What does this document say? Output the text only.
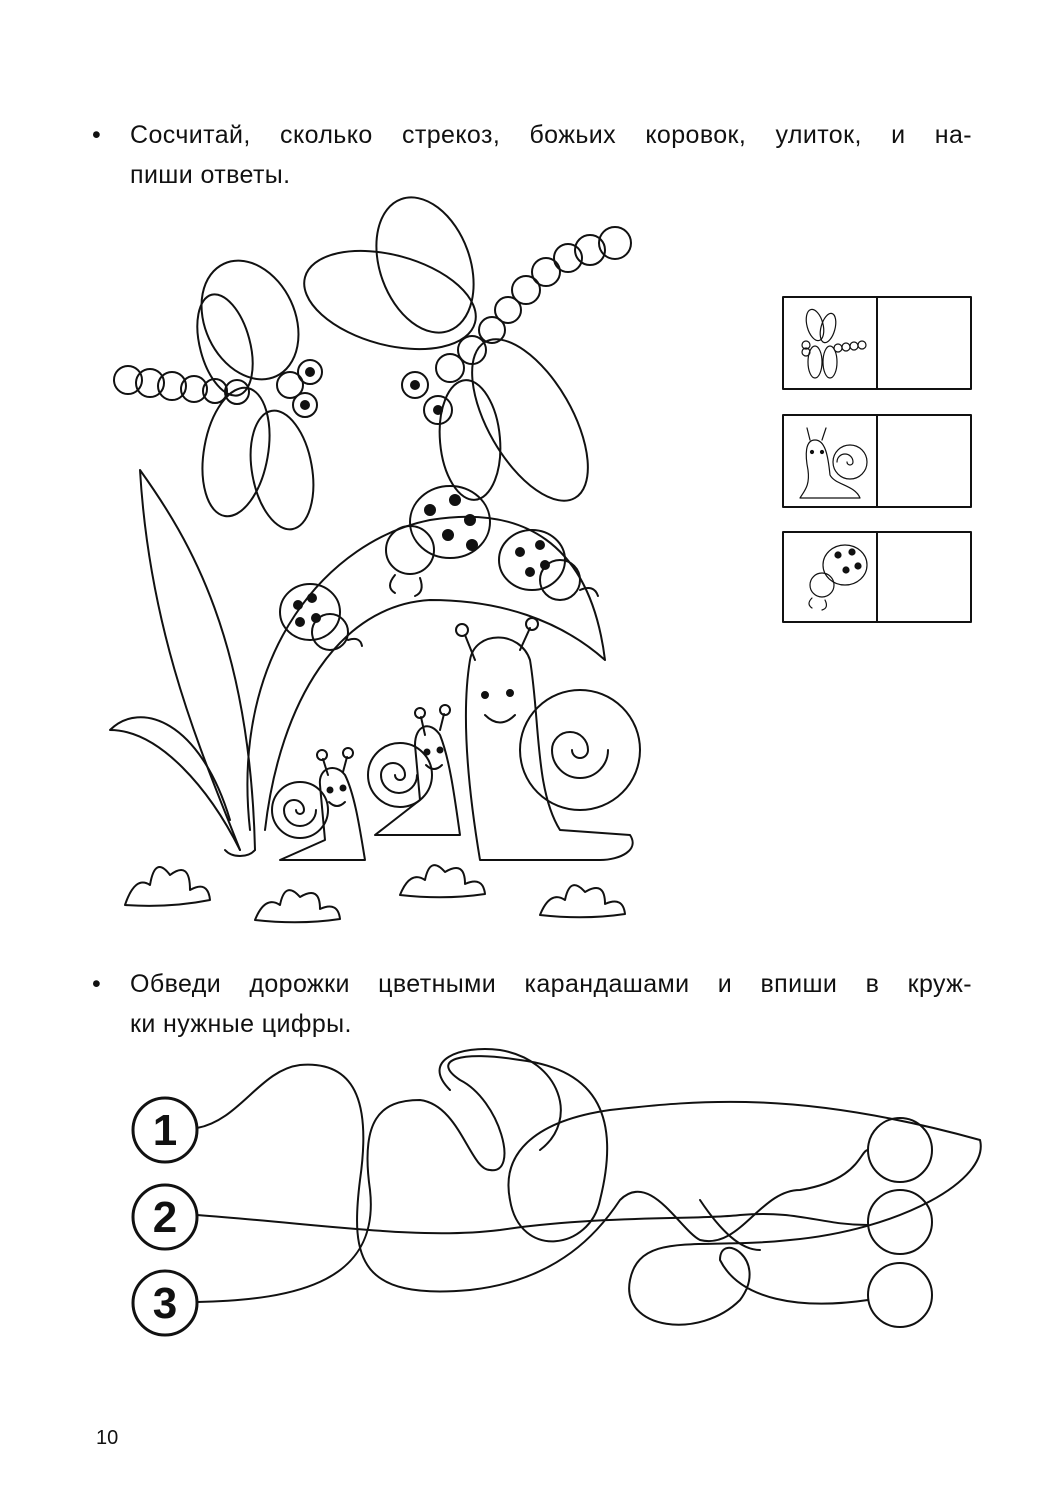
•	Сосчитай, сколько стрекоз, божьих коровок, улиток, и на-
пиши ответы.
1
2
3
•	Обведи дорожки цветными карандашами и впиши в круж-
ки нужные цифры.
10
